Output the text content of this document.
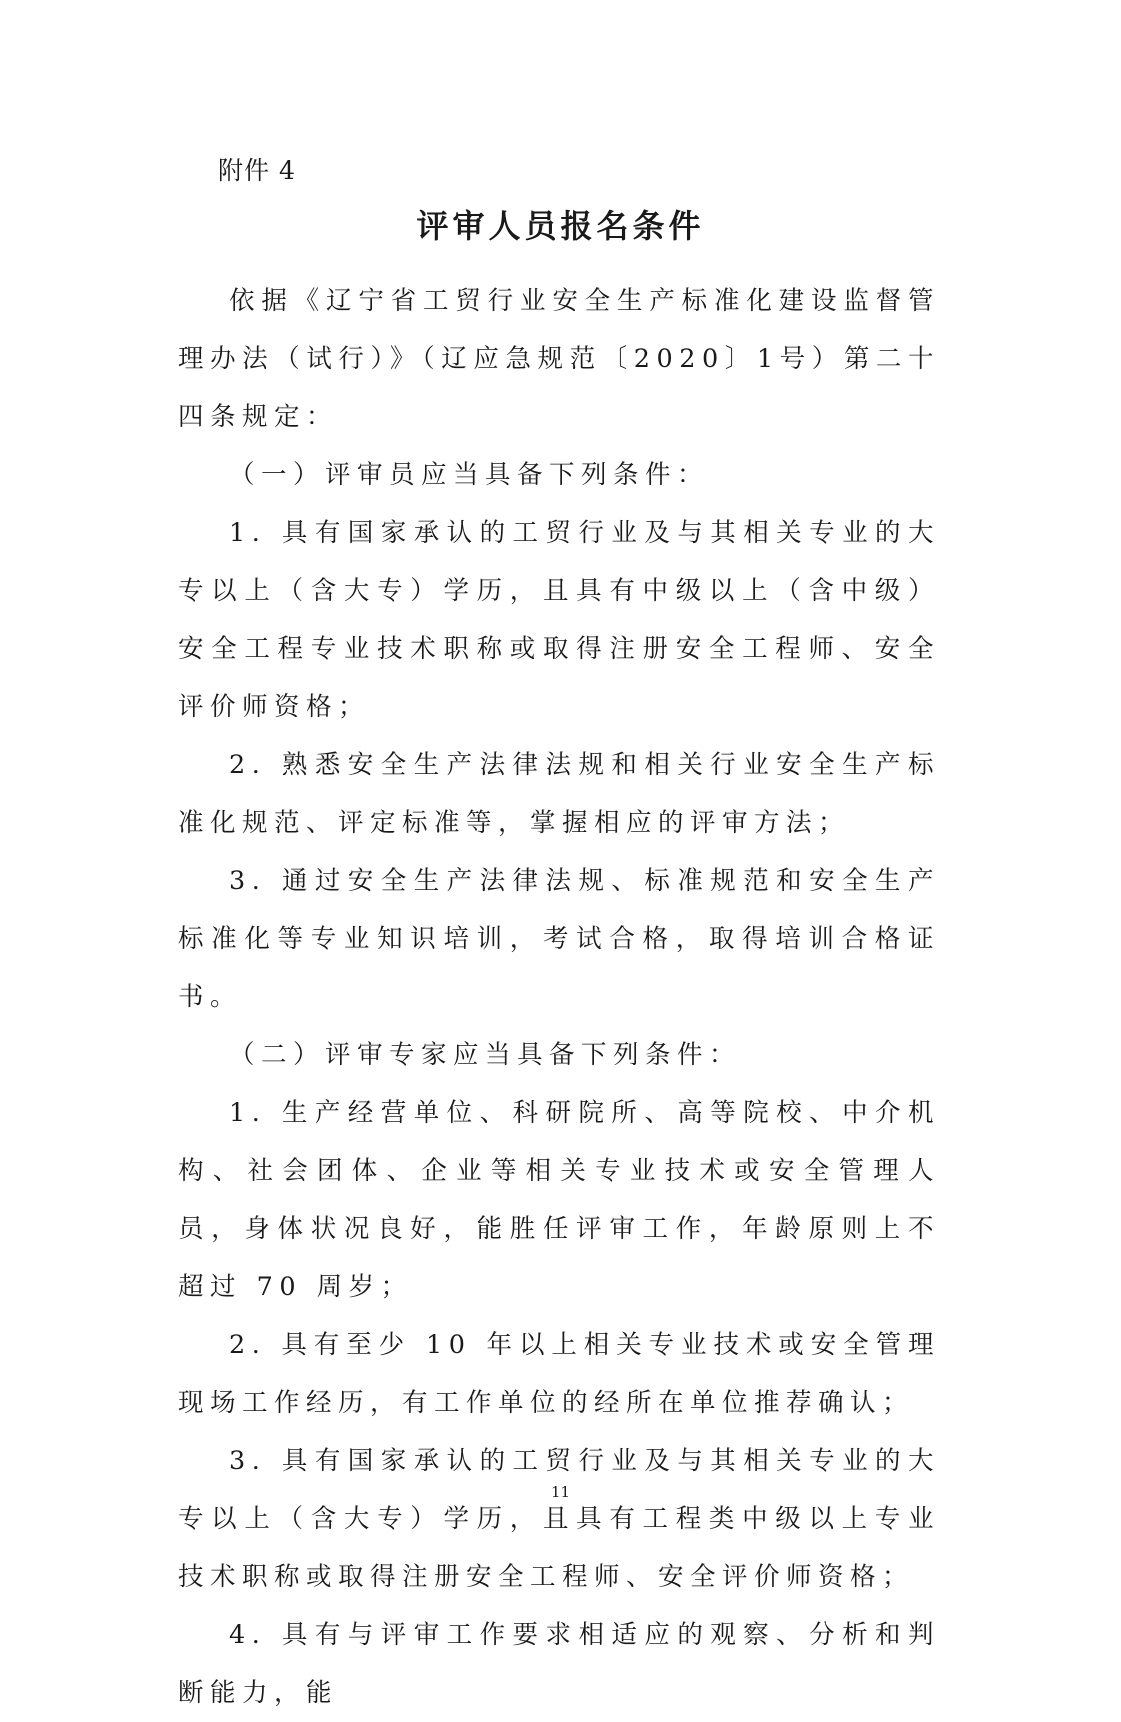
附件 4
评审人员报名条件

依据《辽宁省工贸行业安全生产标准化建设监督管理办法（试行）》（辽应急规范〔2020〕1号）第二十四条规定：

（一）评审员应当具备下列条件：

1. 具有国家承认的工贸行业及与其相关专业的大专以上（含大专）学历，且具有中级以上（含中级）安全工程专业技术职称或取得注册安全工程师、安全评价师资格；

2. 熟悉安全生产法律法规和相关行业安全生产标准化规范、评定标准等，掌握相应的评审方法；

3. 通过安全生产法律法规、标准规范和安全生产标准化等专业知识培训，考试合格，取得培训合格证书。

（二）评审专家应当具备下列条件：

1. 生产经营单位、科研院所、高等院校、中介机构、社会团体、企业等相关专业技术或安全管理人员，身体状况良好，能胜任评审工作，年龄原则上不超过 70 周岁；

2. 具有至少 10 年以上相关专业技术或安全管理现场工作经历，有工作单位的经所在单位推荐确认；

3. 具有国家承认的工贸行业及与其相关专业的大专以上（含大专）学历，且具有工程类中级以上专业技术职称或取得注册安全工程师、安全评价师资格；

4. 具有与评审工作要求相适应的观察、分析和判断能力，能

11
